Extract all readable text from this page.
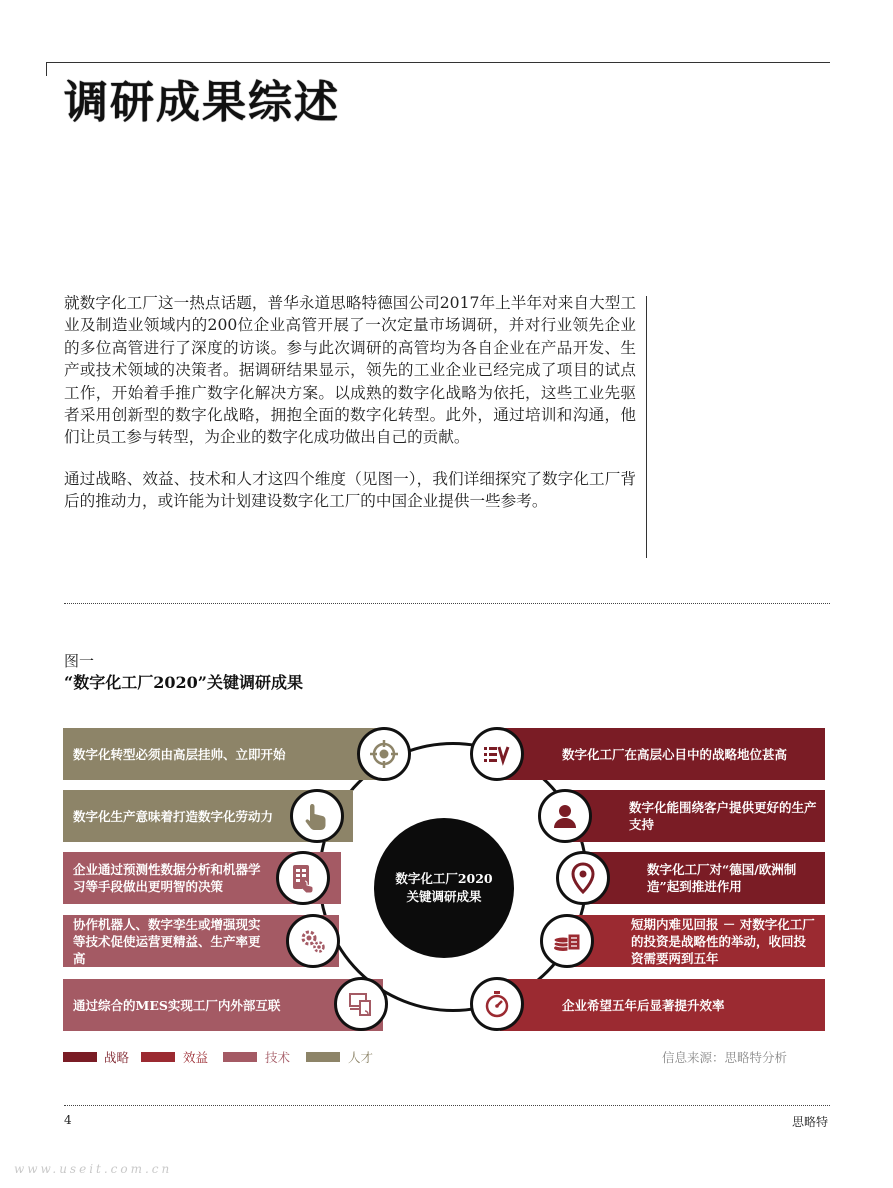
调研成果综述

就数字化工厂这一热点话题，普华永道思略特德国公司2017年上半年对来自大型工业及制造业领域内的200位企业高管开展了一次定量市场调研，并对行业领先企业的多位高管进行了深度的访谈。参与此次调研的高管均为各自企业在产品开发、生产或技术领域的决策者。据调研结果显示，领先的工业企业已经完成了项目的试点工作，开始着手推广数字化解决方案。以成熟的数字化战略为依托，这些工业先驱者采用创新型的数字化战略，拥抱全面的数字化转型。此外，通过培训和沟通，他们让员工参与转型，为企业的数字化成功做出自己的贡献。

通过战略、效益、技术和人才这四个维度（见图一），我们详细探究了数字化工厂背后的推动力，或许能为计划建设数字化工厂的中国企业提供一些参考。

图一
“数字化工厂2020”关键调研成果
数字化工厂2020
关键调研成果
数字化转型必须由高层挂帅、立即开始
数字化生产意味着打造数字化劳动力
企业通过预测性数据分析和机器学习等手段做出更明智的决策
协作机器人、数字孪生或增强现实等技术促使运营更精益、生产率更高
通过综合的MES实现工厂内外部互联
数字化工厂在高层心目中的战略地位甚高
数字化能围绕客户提供更好的生产支持
数字化工厂对“德国/欧洲制造”起到推进作用
短期内难见回报 － 对数字化工厂的投资是战略性的举动，收回投资需要两到五年
企业希望五年后显著提升效率
战略	效益	技术	人才	信息来源：思略特分析
4	思略特
www.useit.com.cn
